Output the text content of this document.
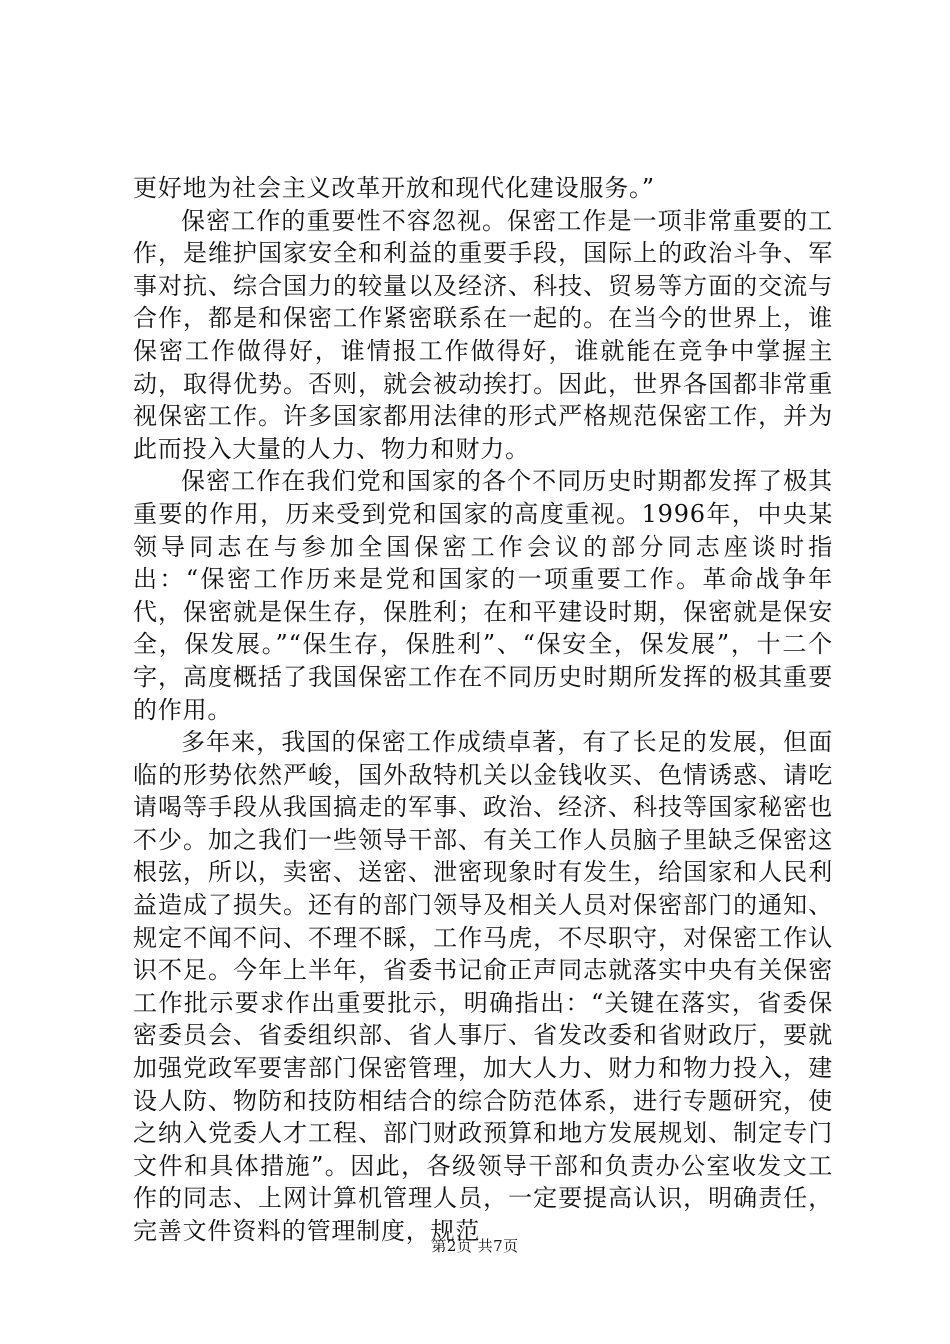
更好地为社会主义改革开放和现代化建设服务。”

保密工作的重要性不容忽视。保密工作是一项非常重要的工作，是维护国家安全和利益的重要手段，国际上的政治斗争、军事对抗、综合国力的较量以及经济、科技、贸易等方面的交流与合作，都是和保密工作紧密联系在一起的。在当今的世界上，谁保密工作做得好，谁情报工作做得好，谁就能在竞争中掌握主动，取得优势。否则，就会被动挨打。因此，世界各国都非常重视保密工作。许多国家都用法律的形式严格规范保密工作，并为此而投入大量的人力、物力和财力。

保密工作在我们党和国家的各个不同历史时期都发挥了极其重要的作用，历来受到党和国家的高度重视。1996年，中央某领导同志在与参加全国保密工作会议的部分同志座谈时指出：“保密工作历来是党和国家的一项重要工作。革命战争年代，保密就是保生存，保胜利；在和平建设时期，保密就是保安全，保发展。”“保生存，保胜利”、“保安全，保发展”，十二个字，高度概括了我国保密工作在不同历史时期所发挥的极其重要的作用。

多年来，我国的保密工作成绩卓著，有了长足的发展，但面临的形势依然严峻，国外敌特机关以金钱收买、色情诱惑、请吃请喝等手段从我国搞走的军事、政治、经济、科技等国家秘密也不少。加之我们一些领导干部、有关工作人员脑子里缺乏保密这根弦，所以，卖密、送密、泄密现象时有发生，给国家和人民利益造成了损失。还有的部门领导及相关人员对保密部门的通知、规定不闻不问、不理不睬，工作马虎，不尽职守，对保密工作认识不足。今年上半年，省委书记俞正声同志就落实中央有关保密工作批示要求作出重要批示，明确指出：“关键在落实，省委保密委员会、省委组织部、省人事厅、省发改委和省财政厅，要就加强党政军要害部门保密管理，加大人力、财力和物力投入，建设人防、物防和技防相结合的综合防范体系，进行专题研究，使之纳入党委人才工程、部门财政预算和地方发展规划、制定专门文件和具体措施”。因此，各级领导干部和负责办公室收发文工作的同志、上网计算机管理人员，一定要提高认识，明确责任，完善文件资料的管理制度，规范

第2页 共7页
